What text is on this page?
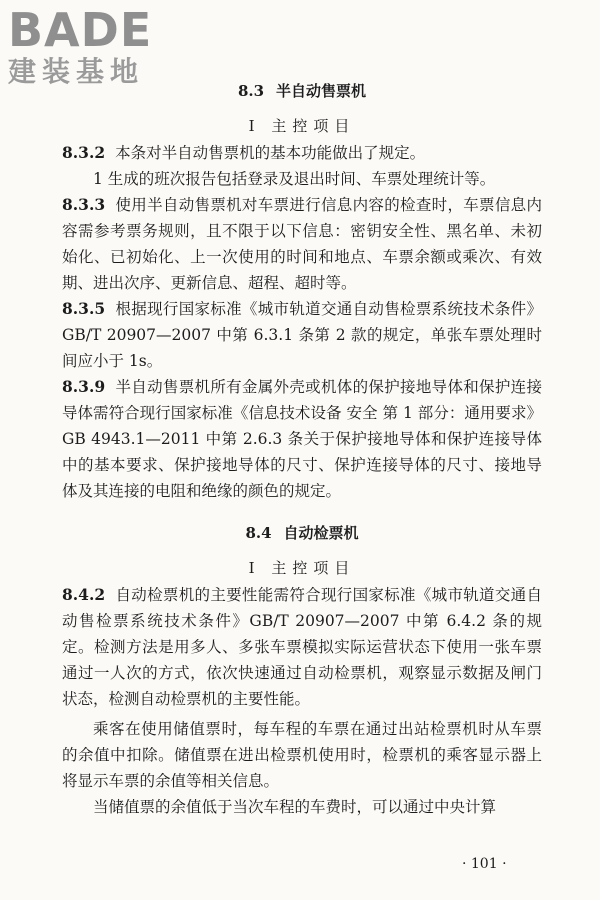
BADE
建装基地
8.3 半自动售票机
Ⅰ 主控项目

8.3.2 本条对半自动售票机的基本功能做出了规定。

1 生成的班次报告包括登录及退出时间、车票处理统计等。

8.3.3 使用半自动售票机对车票进行信息内容的检查时，车票信息内容需参考票务规则，且不限于以下信息：密钥安全性、黑名单、未初始化、已初始化、上一次使用的时间和地点、车票余额或乘次、有效期、进出次序、更新信息、超程、超时等。

8.3.5 根据现行国家标准《城市轨道交通自动售检票系统技术条件》GB/T 20907—2007 中第 6.3.1 条第 2 款的规定，单张车票处理时间应小于 1s。

8.3.9 半自动售票机所有金属外壳或机体的保护接地导体和保护连接导体需符合现行国家标准《信息技术设备 安全 第 1 部分：通用要求》GB 4943.1—2011 中第 2.6.3 条关于保护接地导体和保护连接导体中的基本要求、保护接地导体的尺寸、保护连接导体的尺寸、接地导体及其连接的电阻和绝缘的颜色的规定。

8.4 自动检票机
Ⅰ 主控项目

8.4.2 自动检票机的主要性能需符合现行国家标准《城市轨道交通自动售检票系统技术条件》GB/T 20907—2007 中第 6.4.2 条的规定。检测方法是用多人、多张车票模拟实际运营状态下使用一张车票通过一人次的方式，依次快速通过自动检票机，观察显示数据及闸门状态，检测自动检票机的主要性能。

乘客在使用储值票时，每车程的车票在通过出站检票机时从车票的余值中扣除。储值票在进出检票机使用时，检票机的乘客显示器上将显示车票的余值等相关信息。

当储值票的余值低于当次车程的车费时，可以通过中央计算

· 101 ·
